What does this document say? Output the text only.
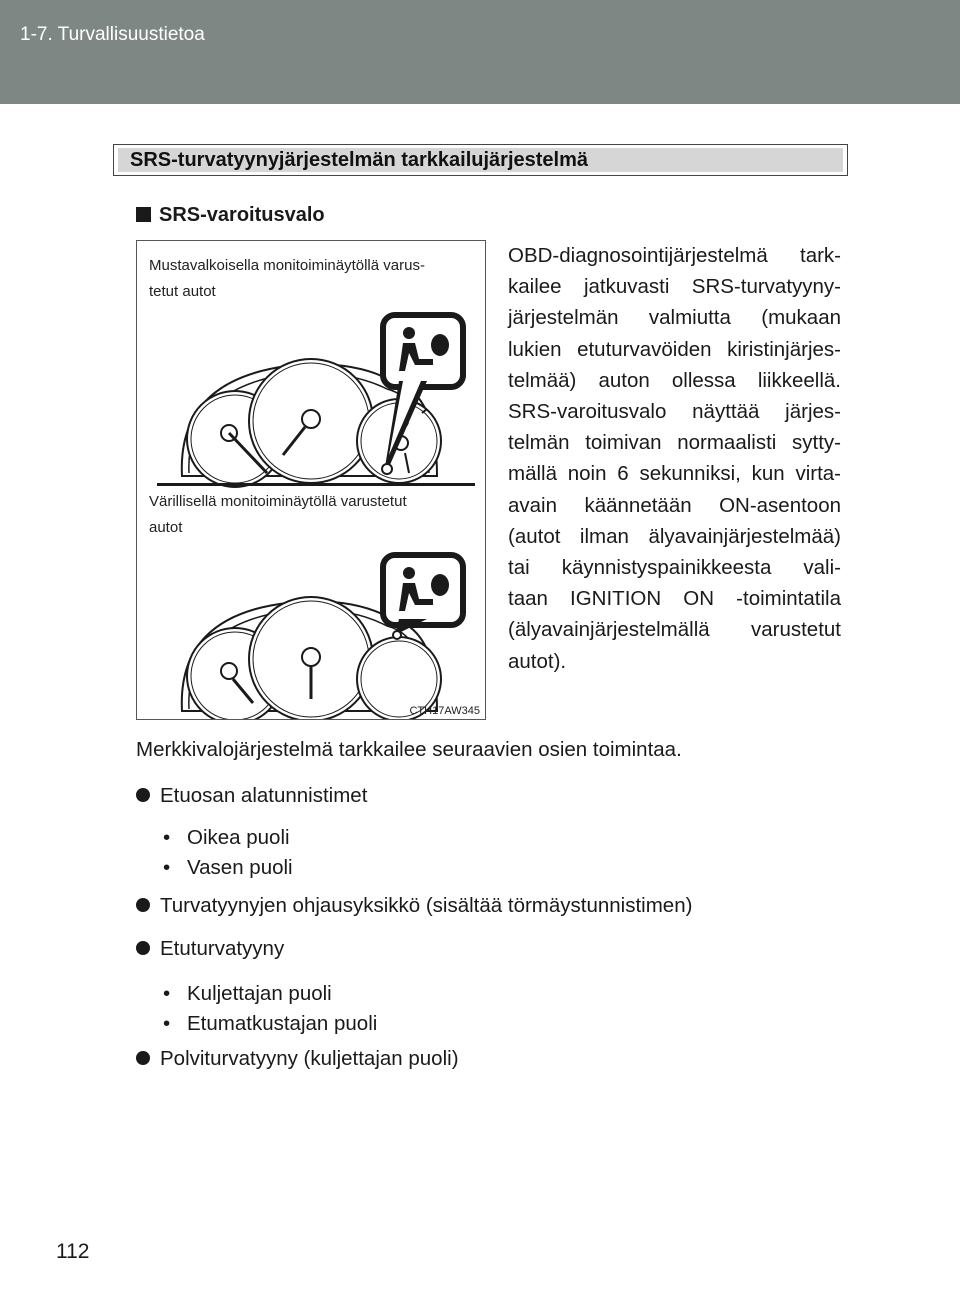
1-7. Turvallisuustietoa
SRS-turvatyynyjärjestelmän tarkkailujärjestelmä
SRS-varoitusvalo
Mustavalkoisella monitoiminäytöllä varus-
tetut autot
Värillisellä monitoiminäytöllä varustetut
autot
CTH17AW345
OBD-diagnosointijärjestelmä tark-
kailee jatkuvasti SRS-turvatyyny-
järjestelmän valmiutta (mukaan
lukien etuturvavöiden kiristinjärjes-
telmää) auton ollessa liikkeellä.
SRS-varoitusvalo näyttää järjes-
telmän toimivan normaalisti sytty-
mällä noin 6 sekunniksi, kun virta-
avain käännetään ON-asentoon
(autot ilman älyavainjärjestelmää)
tai käynnistyspainikkeesta vali-
taan IGNITION ON -toimintatila
(älyavainjärjestelmällä varustetut
autot).
Merkkivalojärjestelmä tarkkailee seuraavien osien toimintaa.
Etuosan alatunnistimet
• Oikea puoli
• Vasen puoli
Turvatyynyjen ohjausyksikkö (sisältää törmäystunnistimen)
Etuturvatyyny
• Kuljettajan puoli
• Etumatkustajan puoli
Polviturvatyyny (kuljettajan puoli)
112
